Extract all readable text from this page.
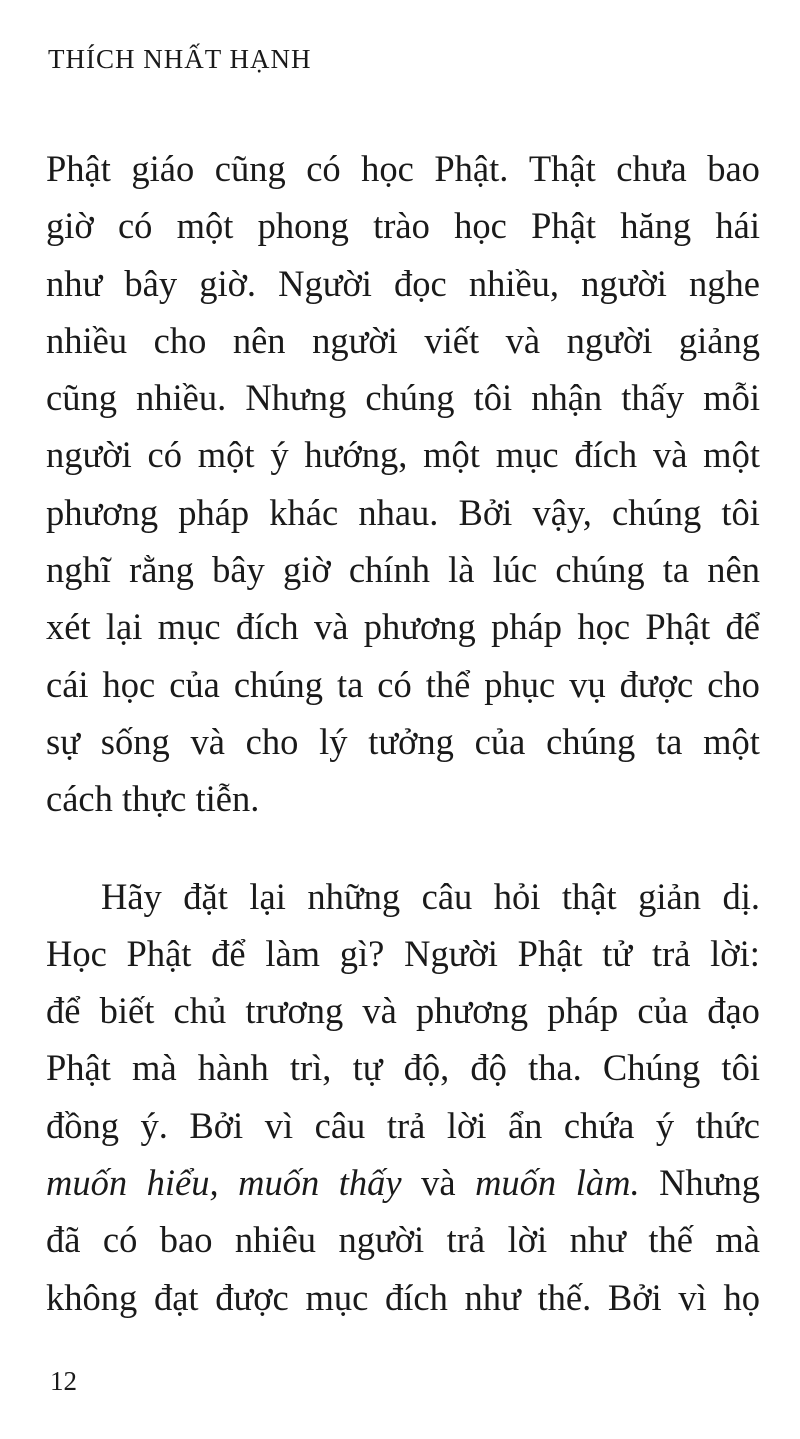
THÍCH NHẤT HẠNH
Phật giáo cũng có học Phật. Thật chưa bao
giờ có một phong trào học Phật hăng hái
như bây giờ. Người đọc nhiều, người nghe
nhiều cho nên người viết và người giảng
cũng nhiều. Nhưng chúng tôi nhận thấy mỗi
người có một ý hướng, một mục đích và một
phương pháp khác nhau. Bởi vậy, chúng tôi
nghĩ rằng bây giờ chính là lúc chúng ta nên
xét lại mục đích và phương pháp học Phật để
cái học của chúng ta có thể phục vụ được cho
sự sống và cho lý tưởng của chúng ta một
cách
thực
tiễn.

Hãy đặt lại những câu hỏi thật giản dị.
Học Phật để làm gì? Người Phật tử trả lời:
để biết chủ trương và phương pháp của đạo
Phật mà hành trì, tự độ, độ tha. Chúng tôi
đồng ý. Bởi vì câu trả lời ẩn chứa ý thức
muốn hiểu, muốn thấy và muốn làm. Nhưng
đã có bao nhiêu người trả lời như thế mà
không đạt được mục đích như thế. Bởi vì họ
12
